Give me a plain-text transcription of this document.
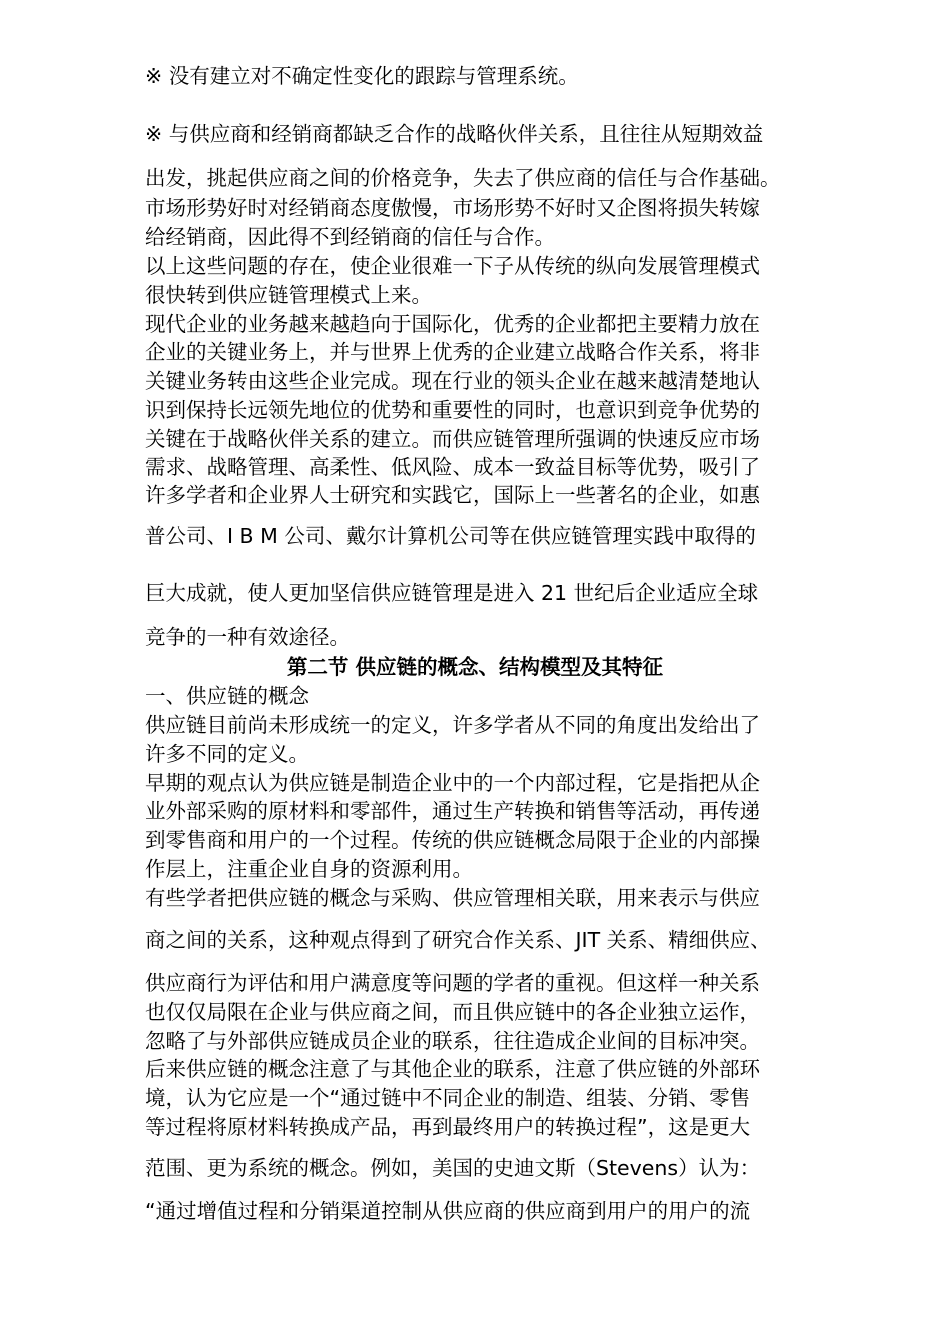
※ 没有建立对不确定性变化的跟踪与管理系统。
※ 与供应商和经销商都缺乏合作的战略伙伴关系，且往往从短期效益
出发，挑起供应商之间的价格竞争，失去了供应商的信任与合作基础。
市场形势好时对经销商态度傲慢，市场形势不好时又企图将损失转嫁
给经销商，因此得不到经销商的信任与合作。
以上这些问题的存在，使企业很难一下子从传统的纵向发展管理模式
很快转到供应链管理模式上来。
现代企业的业务越来越趋向于国际化，优秀的企业都把主要精力放在
企业的关键业务上，并与世界上优秀的企业建立战略合作关系，将非
关键业务转由这些企业完成。现在行业的领头企业在越来越清楚地认
识到保持长远领先地位的优势和重要性的同时，也意识到竞争优势的
关键在于战略伙伴关系的建立。而供应链管理所强调的快速反应市场
需求、战略管理、高柔性、低风险、成本一致益目标等优势，吸引了
许多学者和企业界人士研究和实践它，国际上一些著名的企业，如惠
普公司、I B M 公司、戴尔计算机公司等在供应链管理实践中取得的
巨大成就，使人更加坚信供应链管理是进入 21 世纪后企业适应全球
竞争的一种有效途径。
第二节 供应链的概念、结构模型及其特征
一、供应链的概念
供应链目前尚未形成统一的定义，许多学者从不同的角度出发给出了
许多不同的定义。
早期的观点认为供应链是制造企业中的一个内部过程，它是指把从企
业外部采购的原材料和零部件，通过生产转换和销售等活动，再传递
到零售商和用户的一个过程。传统的供应链概念局限于企业的内部操
作层上，注重企业自身的资源利用。
有些学者把供应链的概念与采购、供应管理相关联，用来表示与供应
商之间的关系，这种观点得到了研究合作关系、JIT 关系、精细供应、
供应商行为评估和用户满意度等问题的学者的重视。但这样一种关系
也仅仅局限在企业与供应商之间，而且供应链中的各企业独立运作，
忽略了与外部供应链成员企业的联系，往往造成企业间的目标冲突。
后来供应链的概念注意了与其他企业的联系，注意了供应链的外部环
境，认为它应是一个“通过链中不同企业的制造、组装、分销、零售
等过程将原材料转换成产品，再到最终用户的转换过程”，这是更大
范围、更为系统的概念。例如，美国的史迪文斯（Stevens）认为：
“通过增值过程和分销渠道控制从供应商的供应商到用户的用户的流
